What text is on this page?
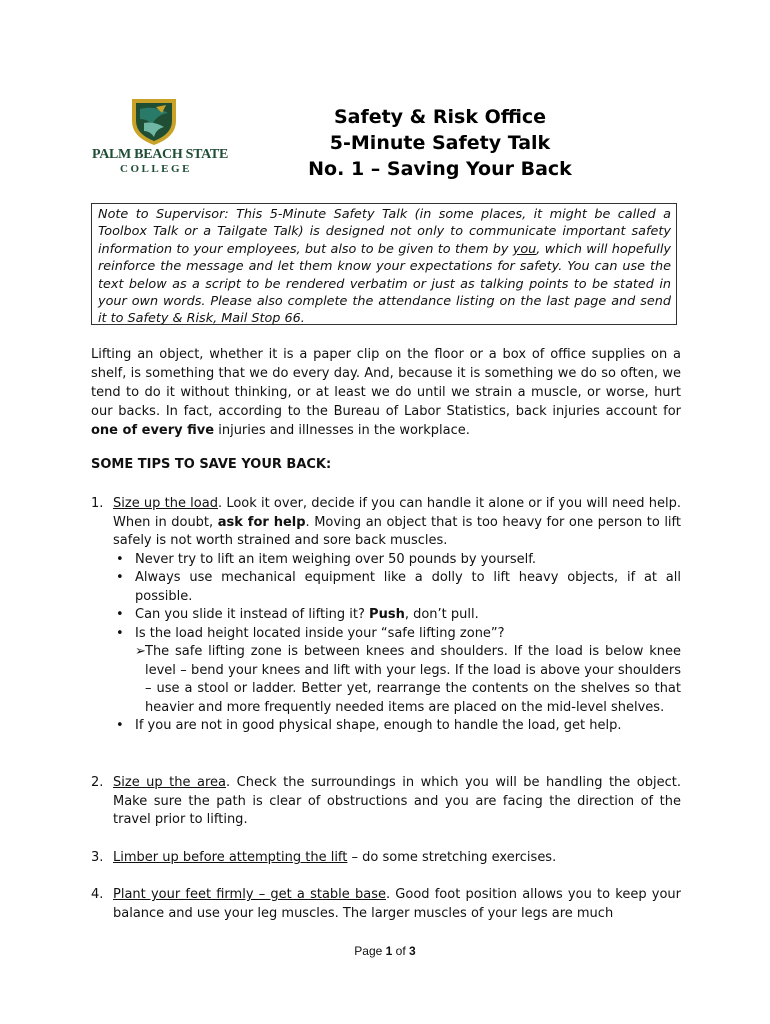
PALM BEACH STATE
COLLEGE
Safety & Risk Office
5-Minute Safety Talk
No. 1 – Saving Your Back
Note to Supervisor: This 5-Minute Safety Talk (in some places, it might be called a Toolbox Talk or a Tailgate Talk) is designed not only to communicate important safety information to your employees, but also to be given to them by you, which will hopefully reinforce the message and let them know your expectations for safety. You can use the text below as a script to be rendered verbatim or just as talking points to be stated in your own words. Please also complete the attendance listing on the last page and send it to Safety & Risk, Mail Stop 66.
Lifting an object, whether it is a paper clip on the floor or a box of office supplies on a shelf, is something that we do every day. And, because it is something we do so often, we tend to do it without thinking, or at least we do until we strain a muscle, or worse, hurt our backs. In fact, according to the Bureau of Labor Statistics, back injuries account for one of every five injuries and illnesses in the workplace.
SOME TIPS TO SAVE YOUR BACK:
1. Size up the load. Look it over, decide if you can handle it alone or if you will need help. When in doubt, ask for help. Moving an object that is too heavy for one person to lift safely is not worth strained and sore back muscles.
• Never try to lift an item weighing over 50 pounds by yourself.
• Always use mechanical equipment like a dolly to lift heavy objects, if at all possible.
• Can you slide it instead of lifting it? Push, don’t pull.
• Is the load height located inside your “safe lifting zone”?
➢ The safe lifting zone is between knees and shoulders. If the load is below knee level – bend your knees and lift with your legs. If the load is above your shoulders – use a stool or ladder. Better yet, rearrange the contents on the shelves so that heavier and more frequently needed items are placed on the mid-level shelves.
• If you are not in good physical shape, enough to handle the load, get help.
2. Size up the area. Check the surroundings in which you will be handling the object. Make sure the path is clear of obstructions and you are facing the direction of the travel prior to lifting.
3. Limber up before attempting the lift – do some stretching exercises.
4. Plant your feet firmly – get a stable base. Good foot position allows you to keep your balance and use your leg muscles. The larger muscles of your legs are much
Page 1 of 3
